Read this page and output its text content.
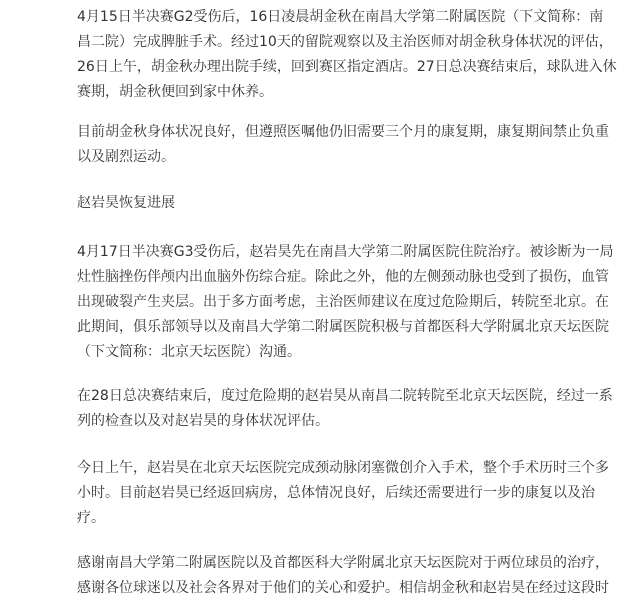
4月15日半决赛G2受伤后，16日凌晨胡金秋在南昌大学第二附属医院（下文简称：南昌二院）完成脾脏手术。经过10天的留院观察以及主治医师对胡金秋身体状况的评估，26日上午，胡金秋办理出院手续，回到赛区指定酒店。27日总决赛结束后，球队进入休赛期，胡金秋便回到家中休养。

目前胡金秋身体状况良好，但遵照医嘱他仍旧需要三个月的康复期，康复期间禁止负重以及剧烈运动。

赵岩昊恢复进展

4月17日半决赛G3受伤后，赵岩昊先在南昌大学第二附属医院住院治疗。被诊断为一局灶性脑挫伤伴颅内出血脑外伤综合症。除此之外，他的左侧颈动脉也受到了损伤，血管出现破裂产生夹层。出于多方面考虑，主治医师建议在度过危险期后，转院至北京。在此期间，俱乐部领导以及南昌大学第二附属医院积极与首都医科大学附属北京天坛医院（下文简称：北京天坛医院）沟通。

在28日总决赛结束后，度过危险期的赵岩昊从南昌二院转院至北京天坛医院，经过一系列的检查以及对赵岩昊的身体状况评估。

今日上午，赵岩昊在北京天坛医院完成颈动脉闭塞微创介入手术，整个手术历时三个多小时。目前赵岩昊已经返回病房，总体情况良好，后续还需要进行一步的康复以及治疗。

感谢南昌大学第二附属医院以及首都医科大学附属北京天坛医院对于两位球员的治疗，感谢各位球迷以及社会各界对于他们的关心和爱护。相信胡金秋和赵岩昊在经过这段时
